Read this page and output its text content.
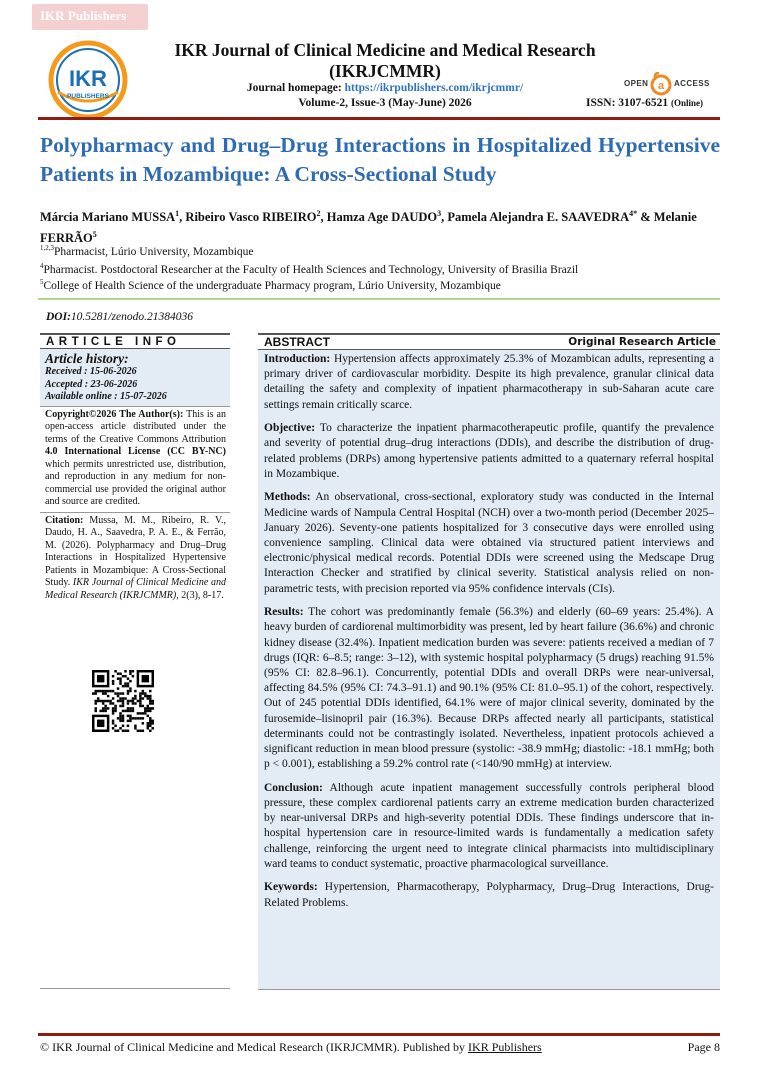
IKR Publishers
IKR
PUBLISHERS
IKR Journal of Clinical Medicine and Medical Research
(IKRJCMMR)
Journal homepage: https://ikrpublishers.com/ikrjcmmr/
Volume-2, Issue-3 (May-June) 2026	ISSN: 3107-6521 (Online)
OPEN a ACCESS
Polypharmacy and Drug–Drug Interactions in Hospitalized Hypertensive Patients in Mozambique: A Cross-Sectional Study
Márcia Mariano MUSSA$^1$, Ribeiro Vasco RIBEIRO$^2$, Hamza Age DAUDO$^3$, Pamela Alejandra E. $SAAVEDRA^{4*}$ & Melanie FERRÃO$^5$
$^{1,2,3}$Pharmacist, Lúrio University, Mozambique
$^4$Pharmacist. Postdoctoral Researcher at the Faculty of Health Sciences and Technology, University of Brasilia Brazil
$^5$College of Health Science of the undergraduate Pharmacy program, Lúrio University, Mozambique
DOI:10.5281/zenodo.21384036
ARTICLE INFO
Article history:
Received : 15-06-2026
Accepted : 23-06-2026
Available online : 15-07-2026
Copyright©2026 The Author(s): This is an open-access article distributed under the terms of the Creative Commons Attribution 4.0 International License (CC BY-NC) which permits unrestricted use, distribution, and reproduction in any medium for non-commercial use provided the original author and source are credited.
Citation: Mussa, M. M., Ribeiro, R. V., Daudo, H. A., Saavedra, P. A. E., & Ferrão, M. (2026). Polypharmacy and Drug–Drug Interactions in Hospitalized Hypertensive Patients in Mozambique: A Cross-Sectional Study. IKR Journal of Clinical Medicine and Medical Research (IKRJCMMR), 2(3), 8-17.
ABSTRACT	Original Research Article

Introduction: Hypertension affects approximately 25.3% of Mozambican adults, representing a primary driver of cardiovascular morbidity. Despite its high prevalence, granular clinical data detailing the safety and complexity of inpatient pharmacotherapy in sub-Saharan acute care settings remain critically scarce.

Objective: To characterize the inpatient pharmacotherapeutic profile, quantify the prevalence and severity of potential drug–drug interactions (DDIs), and describe the distribution of drug-related problems (DRPs) among hypertensive patients admitted to a quaternary referral hospital in Mozambique.

Methods: An observational, cross-sectional, exploratory study was conducted in the Internal Medicine wards of Nampula Central Hospital (NCH) over a two-month period (December 2025–January 2026). Seventy-one patients hospitalized for 3 consecutive days were enrolled using convenience sampling. Clinical data were obtained via structured patient interviews and electronic/physical medical records. Potential DDIs were screened using the Medscape Drug Interaction Checker and stratified by clinical severity. Statistical analysis relied on non-parametric tests, with precision reported via 95% confidence intervals (CIs).

Results: The cohort was predominantly female (56.3%) and elderly (60–69 years: 25.4%). A heavy burden of cardiorenal multimorbidity was present, led by heart failure (36.6%) and chronic kidney disease (32.4%). Inpatient medication burden was severe: patients received a median of 7 drugs (IQR: 6–8.5; range: 3–12), with systemic hospital polypharmacy (5 drugs) reaching 91.5% (95% CI: 82.8–96.1). Concurrently, potential DDIs and overall DRPs were near-universal, affecting 84.5% (95% CI: 74.3–91.1) and 90.1% (95% CI: 81.0–95.1) of the cohort, respectively. Out of 245 potential DDIs identified, 64.1% were of major clinical severity, dominated by the furosemide–lisinopril pair (16.3%). Because DRPs affected nearly all participants, statistical determinants could not be contrastingly isolated. Nevertheless, inpatient protocols achieved a significant reduction in mean blood pressure (systolic: -38.9 mmHg; diastolic: -18.1 mmHg; both p < 0.001), establishing a 59.2% control rate (<140/90 mmHg) at interview.

Conclusion: Although acute inpatient management successfully controls peripheral blood pressure, these complex cardiorenal patients carry an extreme medication burden characterized by near-universal DRPs and high-severity potential DDIs. These findings underscore that in-hospital hypertension care in resource-limited wards is fundamentally a medication safety challenge, reinforcing the urgent need to integrate clinical pharmacists into multidisciplinary ward teams to conduct systematic, proactive pharmacological surveillance.

Keywords: Hypertension, Pharmacotherapy, Polypharmacy, Drug–Drug Interactions, Drug-Related Problems.

© IKR Journal of Clinical Medicine and Medical Research (IKRJCMMR). Published by IKR Publishers	Page 8
